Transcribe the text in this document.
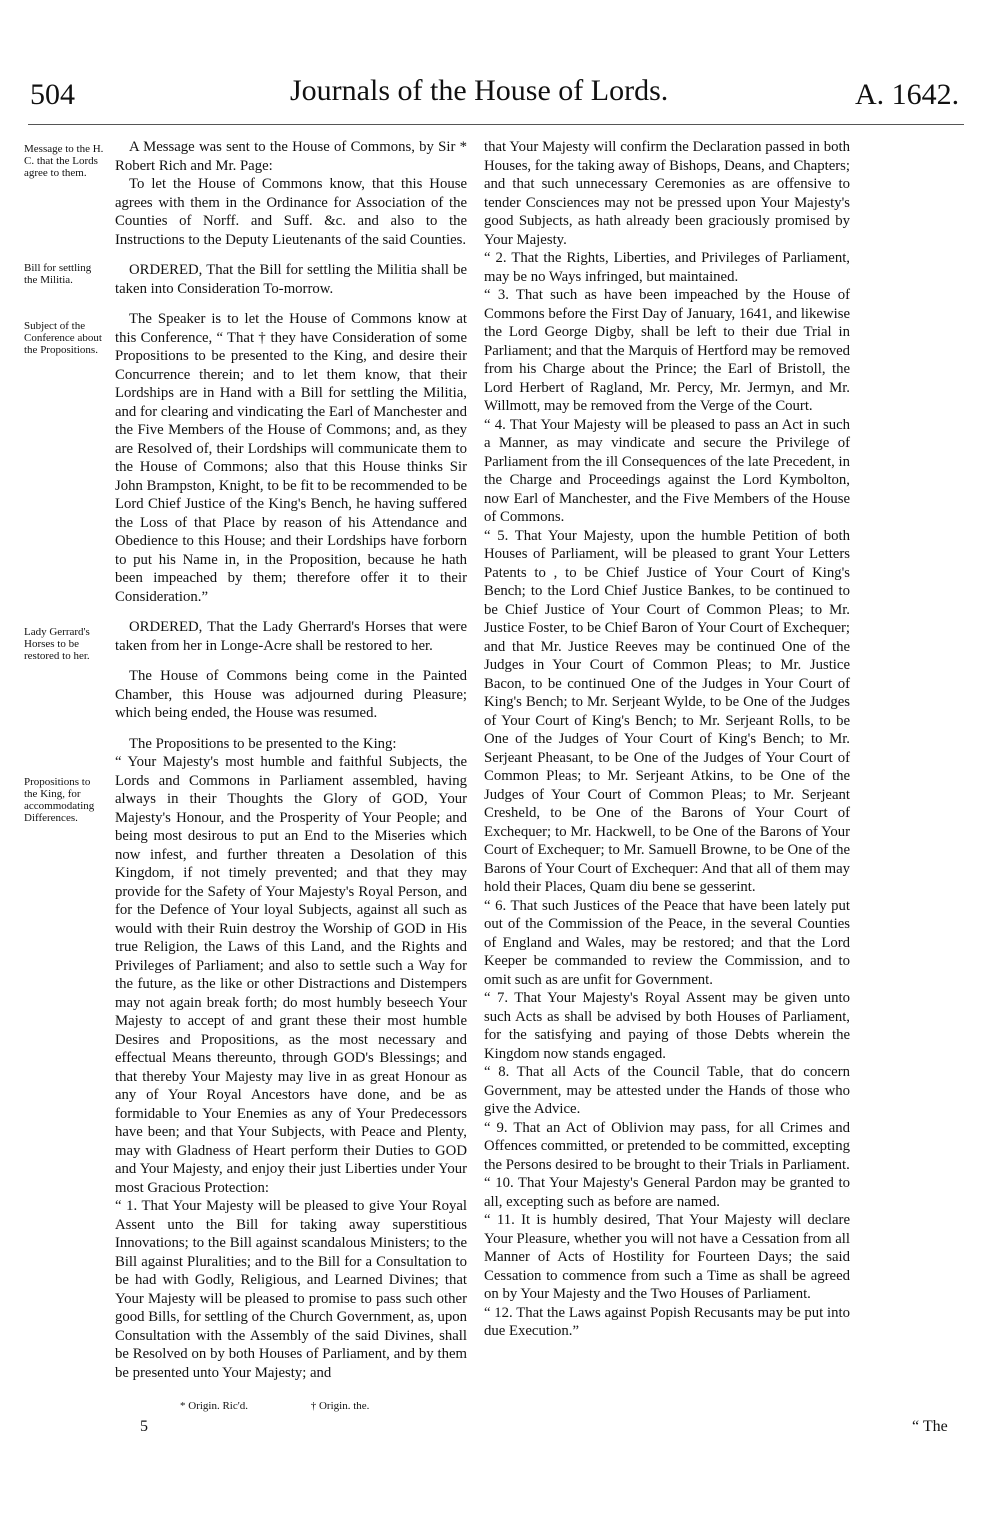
504	Journals of the House of Lords.	A. 1642.
Message to the H. C. that the Lords agree to them.
Bill for settling the Militia.
Subject of the Conference about the Propositions.
Lady Gerrard's Horses to be restored to her.
Propositions to the King, for accommodating Differences.

A Message was sent to the House of Commons, by Sir * Robert Rich and Mr. Page:

To let the House of Commons know, that this House agrees with them in the Ordinance for Association of the Counties of Norff. and Suff. &c. and also to the Instructions to the Deputy Lieutenants of the said Counties.

ORDERED, That the Bill for settling the Militia shall be taken into Consideration To-morrow.

The Speaker is to let the House of Commons know at this Conference, “ That † they have Consideration of some Propositions to be presented to the King, and desire their Concurrence therein; and to let them know, that their Lordships are in Hand with a Bill for settling the Militia, and for clearing and vindicating the Earl of Manchester and the Five Members of the House of Commons; and, as they are Resolved of, their Lordships will communicate them to the House of Commons; also that this House thinks Sir John Brampston, Knight, to be fit to be recommended to be Lord Chief Justice of the King's Bench, he having suffered the Loss of that Place by reason of his Attendance and Obedience to this House; and their Lordships have forborn to put his Name in, in the Proposition, because he hath been impeached by them; therefore offer it to their Consideration.”

ORDERED, That the Lady Gherrard's Horses that were taken from her in Longe-Acre shall be restored to her.

The House of Commons being come in the Painted Chamber, this House was adjourned during Pleasure; which being ended, the House was resumed.

The Propositions to be presented to the King:

“ Your Majesty's most humble and faithful Subjects, the Lords and Commons in Parliament assembled, having always in their Thoughts the Glory of GOD, Your Majesty's Honour, and the Prosperity of Your People; and being most desirous to put an End to the Miseries which now infest, and further threaten a Desolation of this Kingdom, if not timely prevented; and that they may provide for the Safety of Your Majesty's Royal Person, and for the Defence of Your loyal Subjects, against all such as would with their Ruin destroy the Worship of GOD in His true Religion, the Laws of this Land, and the Rights and Privileges of Parliament; and also to settle such a Way for the future, as the like or other Distractions and Distempers may not again break forth; do most humbly beseech Your Majesty to accept of and grant these their most humble Desires and Propositions, as the most necessary and effectual Means thereunto, through GOD's Blessings; and that thereby Your Majesty may live in as great Honour as any of Your Royal Ancestors have done, and be as formidable to Your Enemies as any of Your Predecessors have been; and that Your Subjects, with Peace and Plenty, may with Gladness of Heart perform their Duties to GOD and Your Majesty, and enjoy their just Liberties under Your most Gracious Protection:

“ 1. That Your Majesty will be pleased to give Your Royal Assent unto the Bill for taking away superstitious Innovations; to the Bill against scandalous Ministers; to the Bill against Pluralities; and to the Bill for a Consultation to be had with Godly, Religious, and Learned Divines; that Your Majesty will be pleased to promise to pass such other good Bills, for settling of the Church Government, as, upon Consultation with the Assembly of the said Divines, shall be Resolved on by both Houses of Parliament, and by them be presented unto Your Majesty; and

that Your Majesty will confirm the Declaration passed in both Houses, for the taking away of Bishops, Deans, and Chapters; and that such unnecessary Ceremonies as are offensive to tender Consciences may not be pressed upon Your Majesty's good Subjects, as hath already been graciously promised by Your Majesty.

“ 2. That the Rights, Liberties, and Privileges of Parliament, may be no Ways infringed, but maintained.

“ 3. That such as have been impeached by the House of Commons before the First Day of January, 1641, and likewise the Lord George Digby, shall be left to their due Trial in Parliament; and that the Marquis of Hertford may be removed from his Charge about the Prince; the Earl of Bristoll, the Lord Herbert of Ragland, Mr. Percy, Mr. Jermyn, and Mr. Willmott, may be removed from the Verge of the Court.

“ 4. That Your Majesty will be pleased to pass an Act in such a Manner, as may vindicate and secure the Privilege of Parliament from the ill Consequences of the late Precedent, in the Charge and Proceedings against the Lord Kymbolton, now Earl of Manchester, and the Five Members of the House of Commons.

“ 5. That Your Majesty, upon the humble Petition of both Houses of Parliament, will be pleased to grant Your Letters Patents to , to be Chief Justice of Your Court of King's Bench; to the Lord Chief Justice Bankes, to be continued to be Chief Justice of Your Court of Common Pleas; to Mr. Justice Foster, to be Chief Baron of Your Court of Exchequer; and that Mr. Justice Reeves may be continued One of the Judges in Your Court of Common Pleas; to Mr. Justice Bacon, to be continued One of the Judges in Your Court of King's Bench; to Mr. Serjeant Wylde, to be One of the Judges of Your Court of King's Bench; to Mr. Serjeant Rolls, to be One of the Judges of Your Court of King's Bench; to Mr. Serjeant Pheasant, to be One of the Judges of Your Court of Common Pleas; to Mr. Serjeant Atkins, to be One of the Judges of Your Court of Common Pleas; to Mr. Serjeant Cresheld, to be One of the Barons of Your Court of Exchequer; to Mr. Hackwell, to be One of the Barons of Your Court of Exchequer; to Mr. Samuell Browne, to be One of the Barons of Your Court of Exchequer: And that all of them may hold their Places, Quam diu bene se gesserint.

“ 6. That such Justices of the Peace that have been lately put out of the Commission of the Peace, in the several Counties of England and Wales, may be restored; and that the Lord Keeper be commanded to review the Commission, and to omit such as are unfit for Government.

“ 7. That Your Majesty's Royal Assent may be given unto such Acts as shall be advised by both Houses of Parliament, for the satisfying and paying of those Debts wherein the Kingdom now stands engaged.

“ 8. That all Acts of the Council Table, that do concern Government, may be attested under the Hands of those who give the Advice.

“ 9. That an Act of Oblivion may pass, for all Crimes and Offences committed, or pretended to be committed, excepting the Persons desired to be brought to their Trials in Parliament.

“ 10. That Your Majesty's General Pardon may be granted to all, excepting such as before are named.

“ 11. It is humbly desired, That Your Majesty will declare Your Pleasure, whether you will not have a Cessation from all Manner of Acts of Hostility for Fourteen Days; the said Cessation to commence from such a Time as shall be agreed on by Your Majesty and the Two Houses of Parliament.

“ 12. That the Laws against Popish Recusants may be put into due Execution.”

* Origin. Ric'd.	† Origin. the.
5	“ The
